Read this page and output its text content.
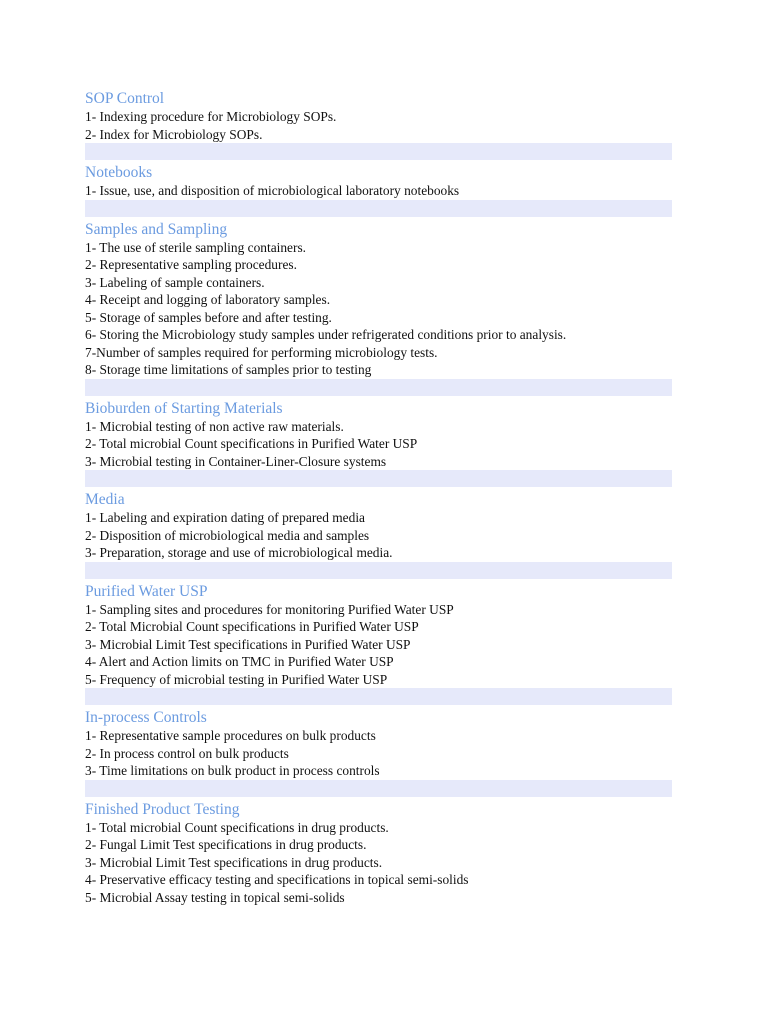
SOP Control
1- Indexing procedure for Microbiology SOPs.
2- Index for Microbiology SOPs.
Notebooks
1- Issue, use, and disposition of microbiological laboratory notebooks
Samples and Sampling
1- The use of sterile sampling containers.
2- Representative sampling procedures.
3- Labeling of sample containers.
4- Receipt and logging of laboratory samples.
5- Storage of samples before and after testing.
6- Storing the Microbiology study samples under refrigerated conditions prior to analysis.
7-Number of samples required for performing microbiology tests.
8- Storage time limitations of samples prior to testing
Bioburden of Starting Materials
1- Microbial testing of non active raw materials.
2- Total microbial Count specifications in Purified Water USP
3- Microbial testing in Container-Liner-Closure systems
Media
1- Labeling and expiration dating of prepared media
2- Disposition of microbiological media and samples
3- Preparation, storage and use of microbiological media.
Purified Water USP
1- Sampling sites and procedures for monitoring Purified Water USP
2- Total Microbial Count specifications in Purified Water USP
3- Microbial Limit Test specifications in Purified Water USP
4- Alert and Action limits on TMC in Purified Water USP
5- Frequency of microbial testing in Purified Water USP
In-process Controls
1- Representative sample procedures on bulk products
2- In process control on bulk products
3- Time limitations on bulk product in process controls
Finished Product Testing
1- Total microbial Count specifications in drug products.
2- Fungal Limit Test specifications in drug products.
3- Microbial Limit Test specifications in drug products.
4- Preservative efficacy testing and specifications in topical semi-solids
5- Microbial Assay testing in topical semi-solids
